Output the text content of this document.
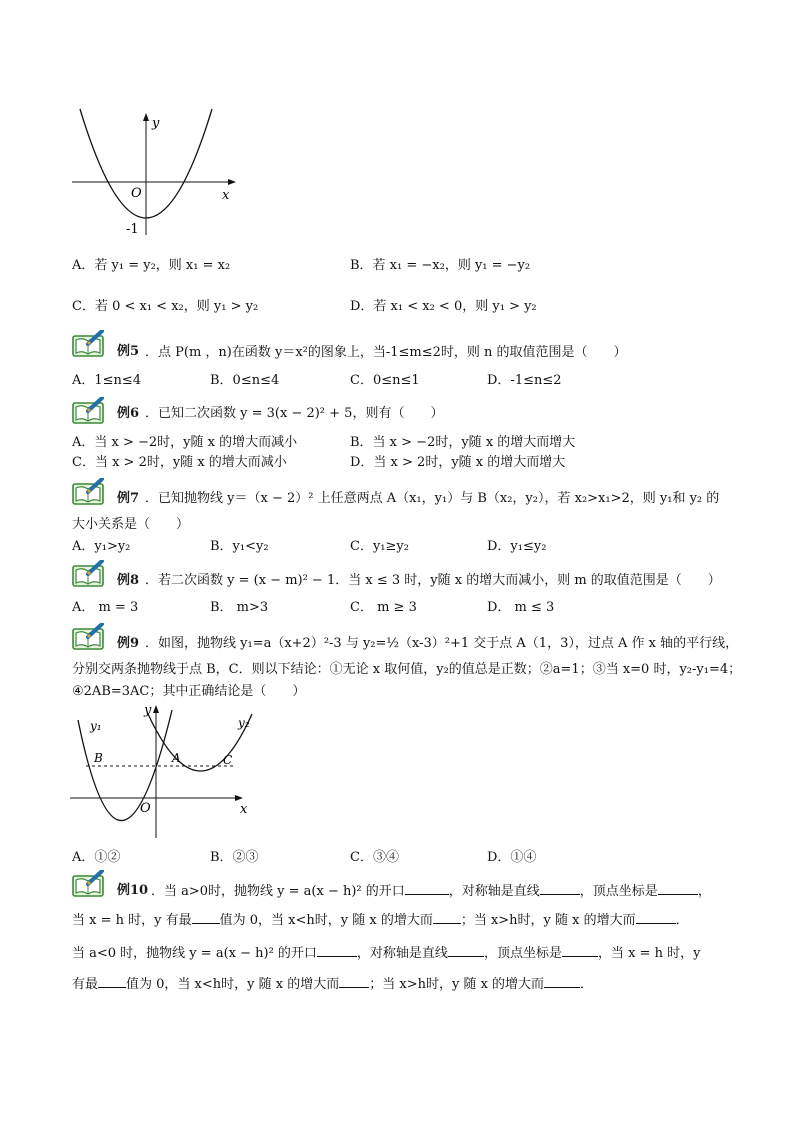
y
x
O
-1
A．若 y₁ = y₂，则 x₁ = x₂	B．若 x₁ = −x₂，则 y₁ = −y₂
C．若 0 < x₁ < x₂，则 y₁ > y₂	D．若 x₁ < x₂ < 0，则 y₁ > y₂
例5 ．点 P(m ，n)在函数 y＝x²的图象上，当-1≤m≤2时，则 n 的取值范围是（　　）
A．1≤n≤4	B．0≤n≤4	C．0≤n≤1	D．-1≤n≤2
例6 ．已知二次函数 y = 3(x − 2)² + 5，则有（　　）
A．当 x > −2时，y随 x 的增大而减小	B．当 x > −2时，y随 x 的增大而增大
C．当 x > 2时，y随 x 的增大而减小	D．当 x > 2时，y随 x 的增大而增大
例7 ．已知抛物线 y＝（x − 2）² 上任意两点 A（x₁，y₁）与 B（x₂，y₂），若 x₂>x₁>2，则 y₁和 y₂ 的
大小关系是（　　）
A．y₁>y₂	B．y₁<y₂	C．y₁≥y₂	D．y₁≤y₂
例8 ．若二次函数 y = (x − m)² − 1．当 x ≤ 3 时，y随 x 的增大而减小，则 m 的取值范围是（　　）
A． m = 3	B． m>3	C． m ≥ 3	D． m ≤ 3
例9 ．如图，抛物线 y₁=a（x+2）²-3 与 y₂=½（x-3）²+1 交于点 A（1，3），过点 A 作 x 轴的平行线，
分别交两条抛物线于点 B，C．则以下结论：①无论 x 取何值，y₂的值总是正数；②a=1；③当 x=0 时，y₂-y₁=4；
④2AB=3AC；其中正确结论是（　　）
y₁	y₂
y
x
O
A
B	C
A．①②	B．②③	C．③④	D．①④
例10 ．当 a>0时，抛物线 y = a(x − h)² 的开口	，对称轴是直线	，顶点坐标是	，
当 x = h 时，y 有最 值为 0，当 x<h时，y 随 x 的增大而 ；当 x>h时，y 随 x 的增大而	．
当 a<0 时，抛物线 y = a(x − h)² 的开口	，对称轴是直线	，顶点坐标是	，当 x = h 时，y
有最 值为 0，当 x<h时，y 随 x 的增大而 ；当 x>h时，y 随 x 的增大而	．
